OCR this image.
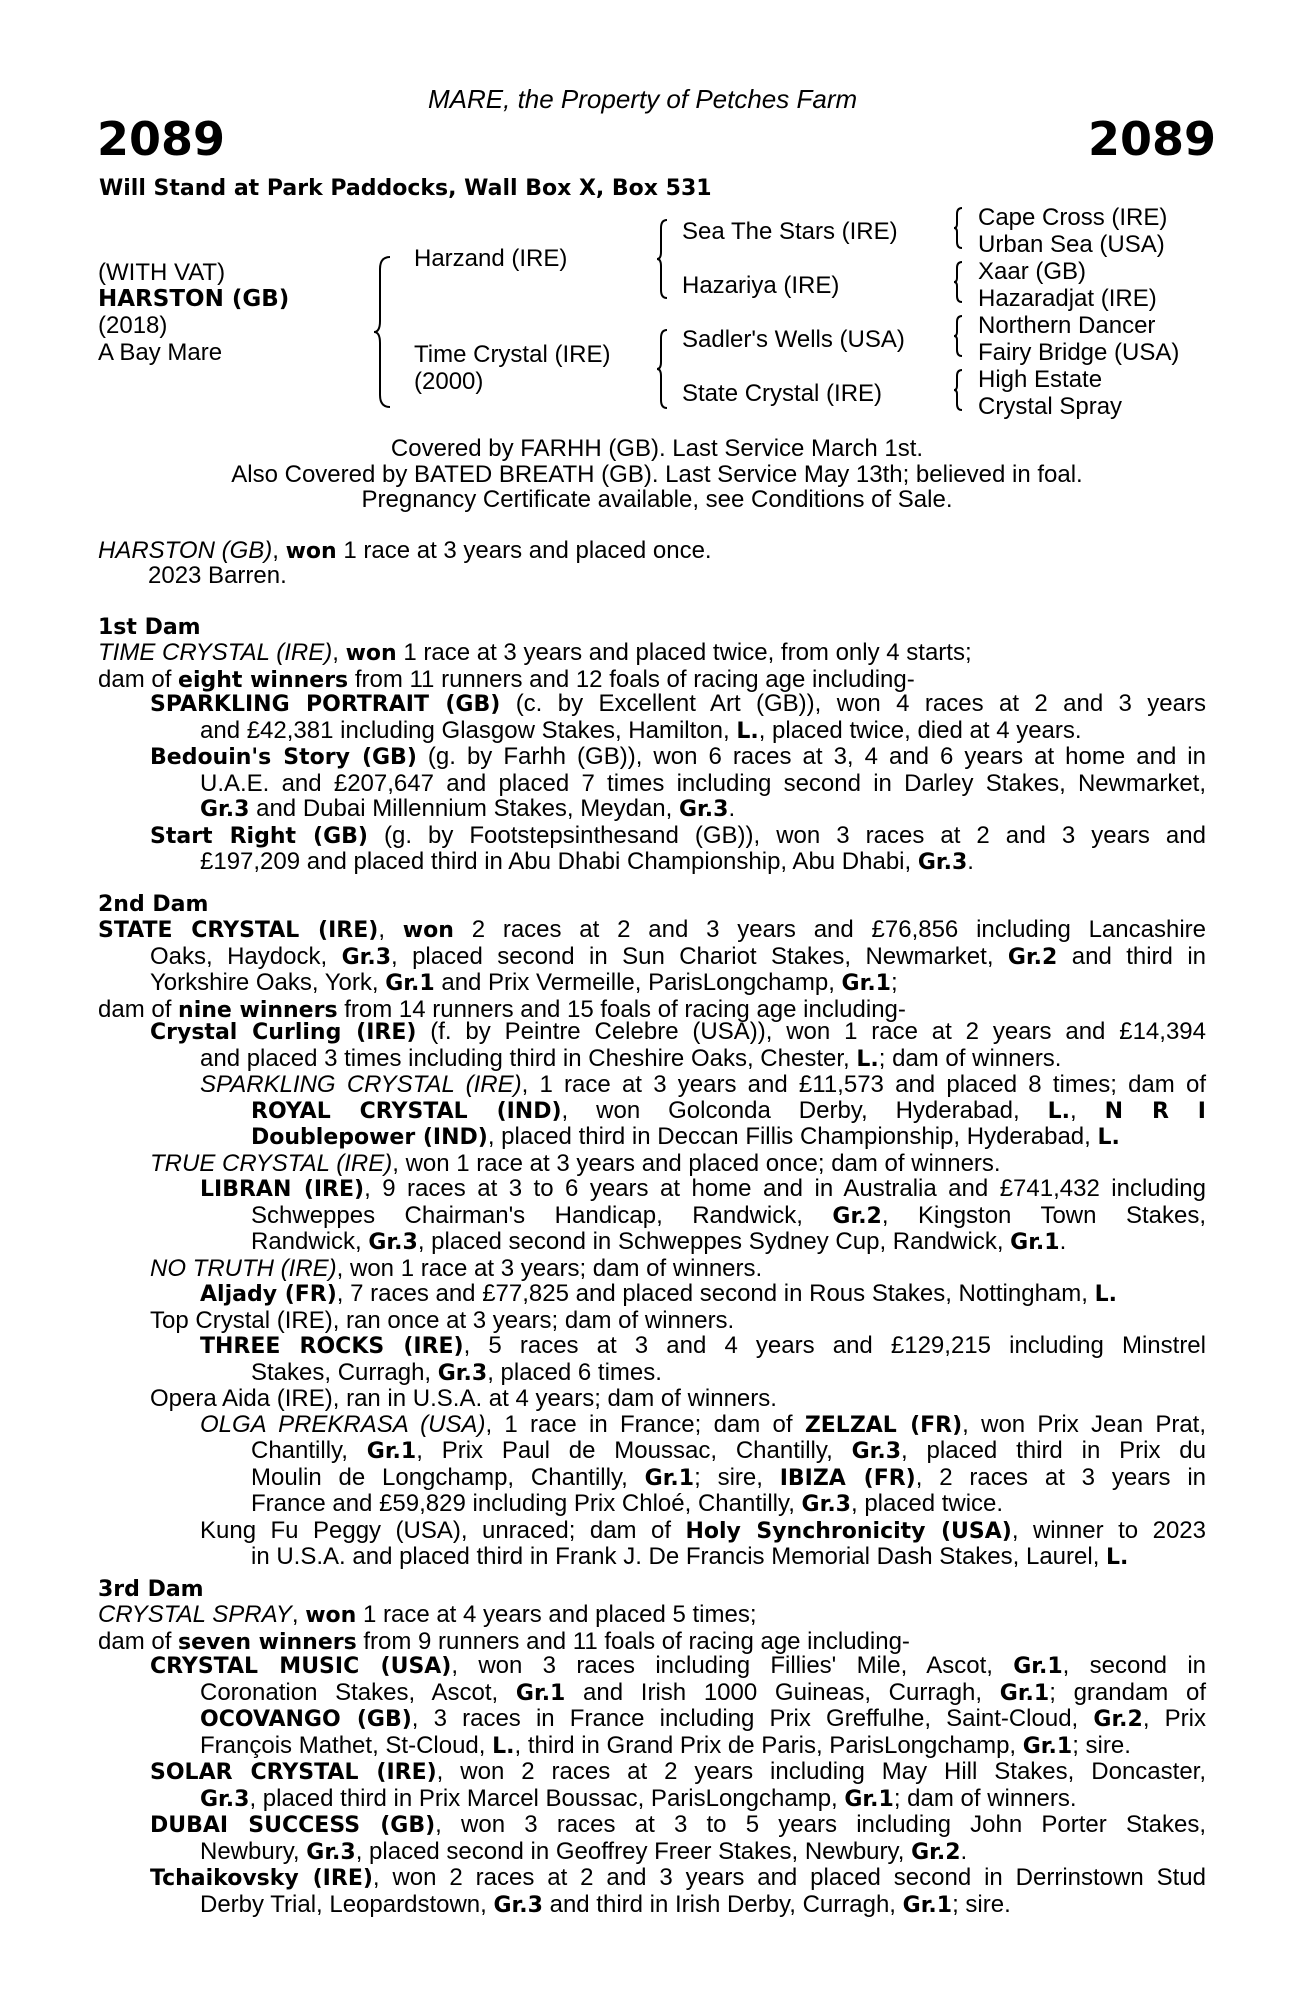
MARE, the Property of Petches Farm
2089	2089
Will Stand at Park Paddocks, Wall Box X, Box 531
(WITH VAT)
HARSTON (GB)
(2018)
A Bay Mare
Harzand (IRE)
Time Crystal (IRE)
(2000)
Sea The Stars (IRE)
Hazariya (IRE)
Sadler's Wells (USA)
State Crystal (IRE)
Cape Cross (IRE)
Urban Sea (USA)
Xaar (GB)
Hazaradjat (IRE)
Northern Dancer
Fairy Bridge (USA)
High Estate
Crystal Spray
Covered by FARHH (GB). Last Service March 1st.
Also Covered by BATED BREATH (GB). Last Service May 13th; believed in foal.
Pregnancy Certificate available, see Conditions of Sale.
HARSTON (GB), won 1 race at 3 years and placed once.
2023 Barren.
1st Dam
TIME CRYSTAL (IRE), won 1 race at 3 years and placed twice, from only 4 starts;
dam of eight winners from 11 runners and 12 foals of racing age including-
SPARKLING PORTRAIT (GB) (c. by Excellent Art (GB)), won 4 races at 2 and 3 years
and £42,381 including Glasgow Stakes, Hamilton, L., placed twice, died at 4 years.
Bedouin's Story (GB) (g. by Farhh (GB)), won 6 races at 3, 4 and 6 years at home and in
U.A.E. and £207,647 and placed 7 times including second in Darley Stakes, Newmarket,
Gr.3 and Dubai Millennium Stakes, Meydan, Gr.3.
Start Right (GB) (g. by Footstepsinthesand (GB)), won 3 races at 2 and 3 years and
£197,209 and placed third in Abu Dhabi Championship, Abu Dhabi, Gr.3.
2nd Dam
STATE CRYSTAL (IRE), won 2 races at 2 and 3 years and £76,856 including Lancashire
Oaks, Haydock, Gr.3, placed second in Sun Chariot Stakes, Newmarket, Gr.2 and third in
Yorkshire Oaks, York, Gr.1 and Prix Vermeille, ParisLongchamp, Gr.1;
dam of nine winners from 14 runners and 15 foals of racing age including-
Crystal Curling (IRE) (f. by Peintre Celebre (USA)), won 1 race at 2 years and £14,394
and placed 3 times including third in Cheshire Oaks, Chester, L.; dam of winners.
SPARKLING CRYSTAL (IRE), 1 race at 3 years and £11,573 and placed 8 times; dam of
ROYAL CRYSTAL (IND), won Golconda Derby, Hyderabad, L., N R I
Doublepower (IND), placed third in Deccan Fillis Championship, Hyderabad, L.
TRUE CRYSTAL (IRE), won 1 race at 3 years and placed once; dam of winners.
LIBRAN (IRE), 9 races at 3 to 6 years at home and in Australia and £741,432 including
Schweppes Chairman's Handicap, Randwick, Gr.2, Kingston Town Stakes,
Randwick, Gr.3, placed second in Schweppes Sydney Cup, Randwick, Gr.1.
NO TRUTH (IRE), won 1 race at 3 years; dam of winners.
Aljady (FR), 7 races and £77,825 and placed second in Rous Stakes, Nottingham, L.
Top Crystal (IRE), ran once at 3 years; dam of winners.
THREE ROCKS (IRE), 5 races at 3 and 4 years and £129,215 including Minstrel
Stakes, Curragh, Gr.3, placed 6 times.
Opera Aida (IRE), ran in U.S.A. at 4 years; dam of winners.
OLGA PREKRASA (USA), 1 race in France; dam of ZELZAL (FR), won Prix Jean Prat,
Chantilly, Gr.1, Prix Paul de Moussac, Chantilly, Gr.3, placed third in Prix du
Moulin de Longchamp, Chantilly, Gr.1; sire, IBIZA (FR), 2 races at 3 years in
France and £59,829 including Prix Chloé, Chantilly, Gr.3, placed twice.
Kung Fu Peggy (USA), unraced; dam of Holy Synchronicity (USA), winner to 2023
in U.S.A. and placed third in Frank J. De Francis Memorial Dash Stakes, Laurel, L.
3rd Dam
CRYSTAL SPRAY, won 1 race at 4 years and placed 5 times;
dam of seven winners from 9 runners and 11 foals of racing age including-
CRYSTAL MUSIC (USA), won 3 races including Fillies' Mile, Ascot, Gr.1, second in
Coronation Stakes, Ascot, Gr.1 and Irish 1000 Guineas, Curragh, Gr.1; grandam of
OCOVANGO (GB), 3 races in France including Prix Greffulhe, Saint-Cloud, Gr.2, Prix
François Mathet, St-Cloud, L., third in Grand Prix de Paris, ParisLongchamp, Gr.1; sire.
SOLAR CRYSTAL (IRE), won 2 races at 2 years including May Hill Stakes, Doncaster,
Gr.3, placed third in Prix Marcel Boussac, ParisLongchamp, Gr.1; dam of winners.
DUBAI SUCCESS (GB), won 3 races at 3 to 5 years including John Porter Stakes,
Newbury, Gr.3, placed second in Geoffrey Freer Stakes, Newbury, Gr.2.
Tchaikovsky (IRE), won 2 races at 2 and 3 years and placed second in Derrinstown Stud
Derby Trial, Leopardstown, Gr.3 and third in Irish Derby, Curragh, Gr.1; sire.
